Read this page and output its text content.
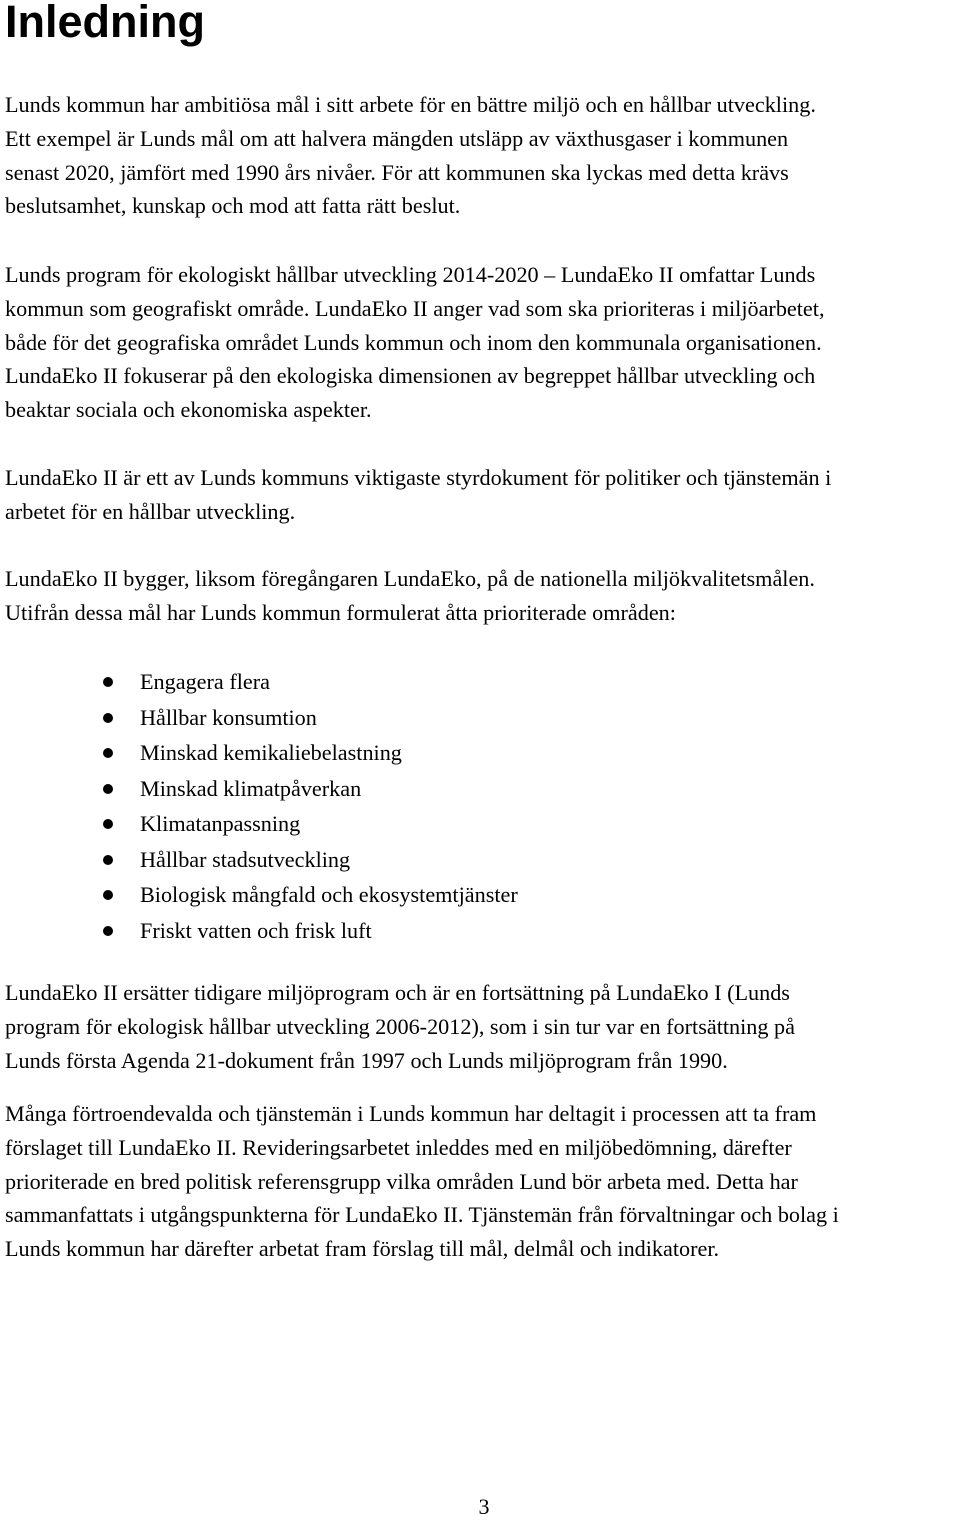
Inledning

Lunds kommun har ambitiösa mål i sitt arbete för en bättre miljö och en hållbar utveckling.
Ett exempel är Lunds mål om att halvera mängden utsläpp av växthusgaser i kommunen
senast 2020, jämfört med 1990 års nivåer. För att kommunen ska lyckas med detta krävs
beslutsamhet, kunskap och mod att fatta rätt beslut.

Lunds program för ekologiskt hållbar utveckling 2014-2020 – LundaEko II omfattar Lunds
kommun som geografiskt område. LundaEko II anger vad som ska prioriteras i miljöarbetet,
både för det geografiska området Lunds kommun och inom den kommunala organisationen.
LundaEko II fokuserar på den ekologiska dimensionen av begreppet hållbar utveckling och
beaktar sociala och ekonomiska aspekter.

LundaEko II är ett av Lunds kommuns viktigaste styrdokument för politiker och tjänstemän i
arbetet för en hållbar utveckling.

LundaEko II bygger, liksom föregångaren LundaEko, på de nationella miljökvalitetsmålen.
Utifrån dessa mål har Lunds kommun formulerat åtta prioriterade områden:

Engagera flera
Hållbar konsumtion
Minskad kemikaliebelastning
Minskad klimatpåverkan
Klimatanpassning
Hållbar stadsutveckling
Biologisk mångfald och ekosystemtjänster
Friskt vatten och frisk luft

LundaEko II ersätter tidigare miljöprogram och är en fortsättning på LundaEko I (Lunds
program för ekologisk hållbar utveckling 2006-2012), som i sin tur var en fortsättning på
Lunds första Agenda 21-dokument från 1997 och Lunds miljöprogram från 1990.

Många förtroendevalda och tjänstemän i Lunds kommun har deltagit i processen att ta fram
förslaget till LundaEko II. Revideringsarbetet inleddes med en miljöbedömning, därefter
prioriterade en bred politisk referensgrupp vilka områden Lund bör arbeta med. Detta har
sammanfattats i utgångspunkterna för LundaEko II. Tjänstemän från förvaltningar och bolag i
Lunds kommun har därefter arbetat fram förslag till mål, delmål och indikatorer.

3
